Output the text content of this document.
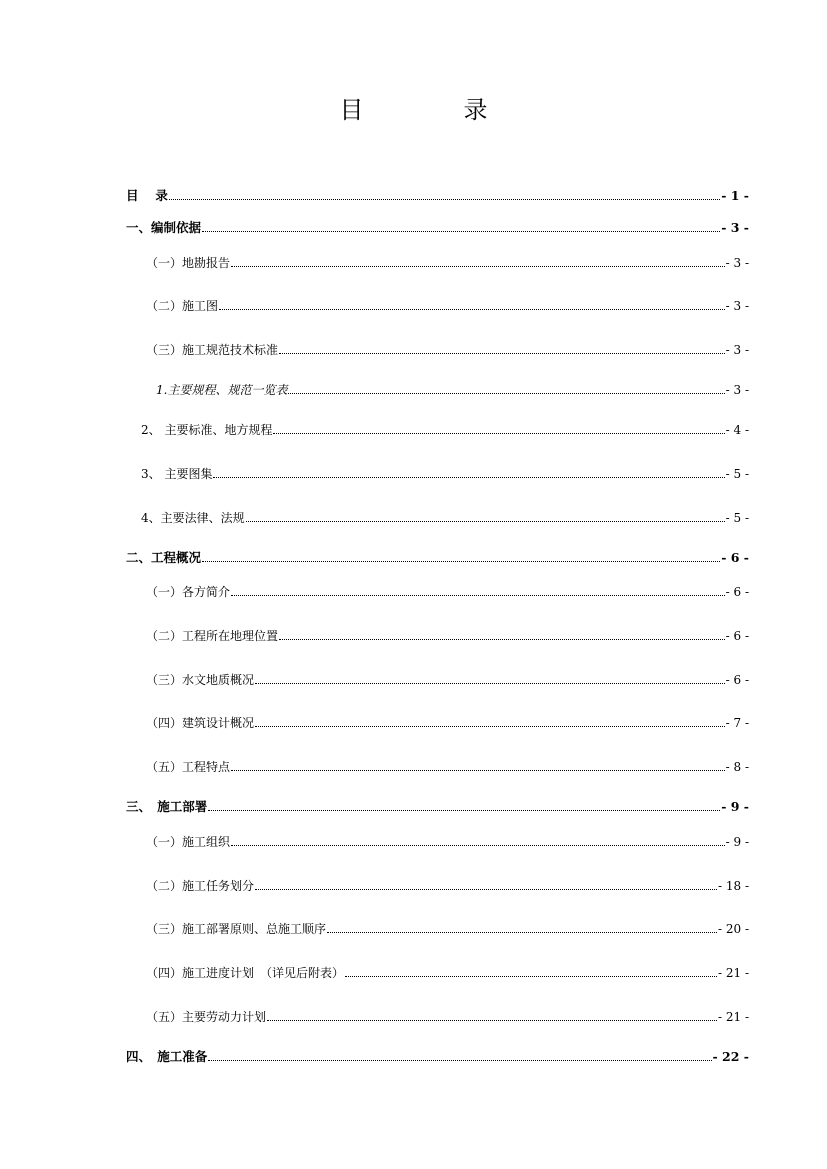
目　录
目　 录	- 1 -
一、编制依据	- 3 -
（一）地勘报告	- 3 -
（二）施工图	- 3 -
（三）施工规范技术标准	- 3 -
1.主要规程、规范一览表	- 3 -
2、 主要标准、地方规程	- 4 -
3、 主要图集	- 5 -
4、主要法律、法规	- 5 -
二、工程概况	- 6 -
（一）各方简介	- 6 -
（二）工程所在地理位置	- 6 -
（三）水文地质概况	- 6 -
（四）建筑设计概况	- 7 -
（五）工程特点	- 8 -
三、　施工部署	- 9 -
（一）施工组织	- 9 -
（二）施工任务划分	- 18 -
（三）施工部署原则、总施工顺序	- 20 -
（四）施工进度计划　（详见后附表）	- 21 -
（五）主要劳动力计划	- 21 -
四、　施工准备	- 22 -
